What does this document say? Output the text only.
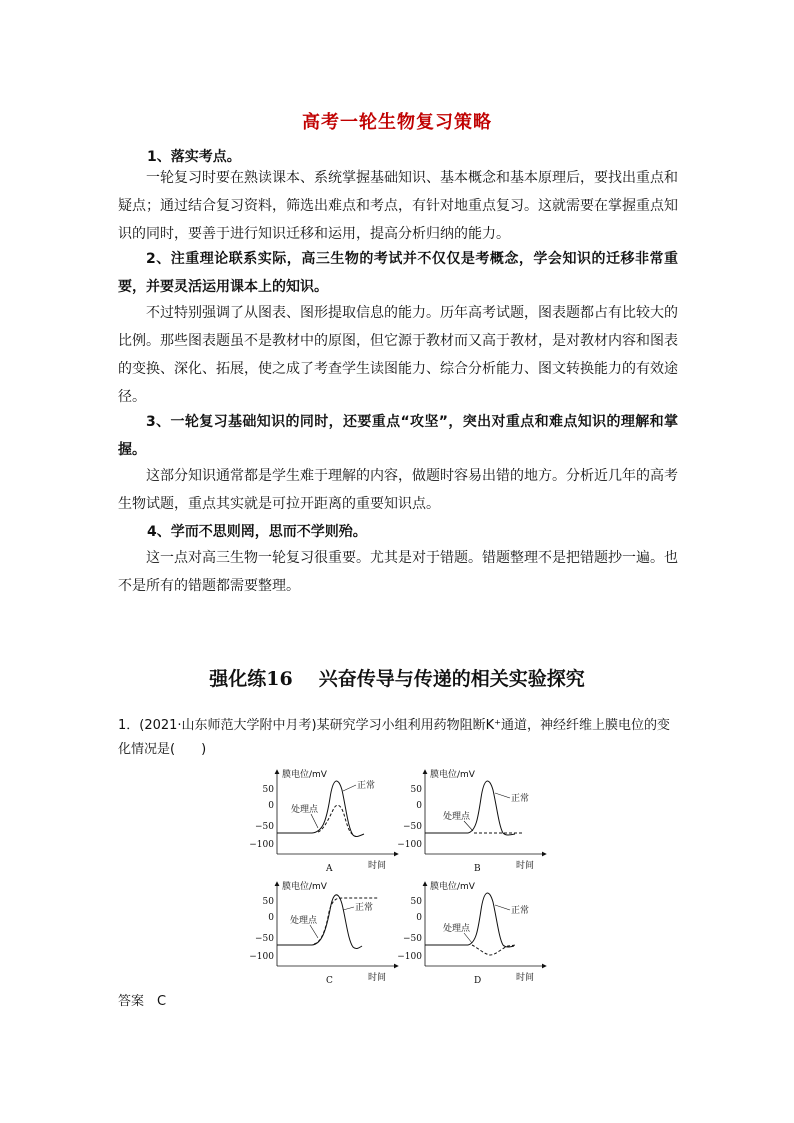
高考一轮生物复习策略
1、落实考点。
一轮复习时要在熟读课本、系统掌握基础知识、基本概念和基本原理后，要找出重点和疑点；通过结合复习资料，筛选出难点和考点，有针对地重点复习。这就需要在掌握重点知识的同时，要善于进行知识迁移和运用，提高分析归纳的能力。
2、注重理论联系实际，高三生物的考试并不仅仅是考概念，学会知识的迁移非常重要，并要灵活运用课本上的知识。
不过特别强调了从图表、图形提取信息的能力。历年高考试题，图表题都占有比较大的比例。那些图表题虽不是教材中的原图，但它源于教材而又高于教材，是对教材内容和图表的变换、深化、拓展，使之成了考查学生读图能力、综合分析能力、图文转换能力的有效途径。
3、一轮复习基础知识的同时，还要重点“攻坚”，突出对重点和难点知识的理解和掌握。
这部分知识通常都是学生难于理解的内容，做题时容易出错的地方。分析近几年的高考生物试题，重点其实就是可拉开距离的重要知识点。
4、学而不思则罔，思而不学则殆。
这一点对高三生物一轮复习很重要。尤其是对于错题。错题整理不是把错题抄一遍。也不是所有的错题都需要整理。
强化练16 兴奋传导与传递的相关实验探究
1．(2021·山东师范大学附中月考)某研究学习小组利用药物阻断K⁺通道，神经纤维上膜电位的变化情况是(　　)
膜电位/mV
时间
50
0
−50
−100
处理点
正常
A
膜电位/mV
时间
50
0
−50
−100
处理点
正常
B
膜电位/mV
时间
50
0
−50
−100
处理点
正常
C
膜电位/mV
时间
50
0
−50
−100
处理点
正常
D
答案　C
